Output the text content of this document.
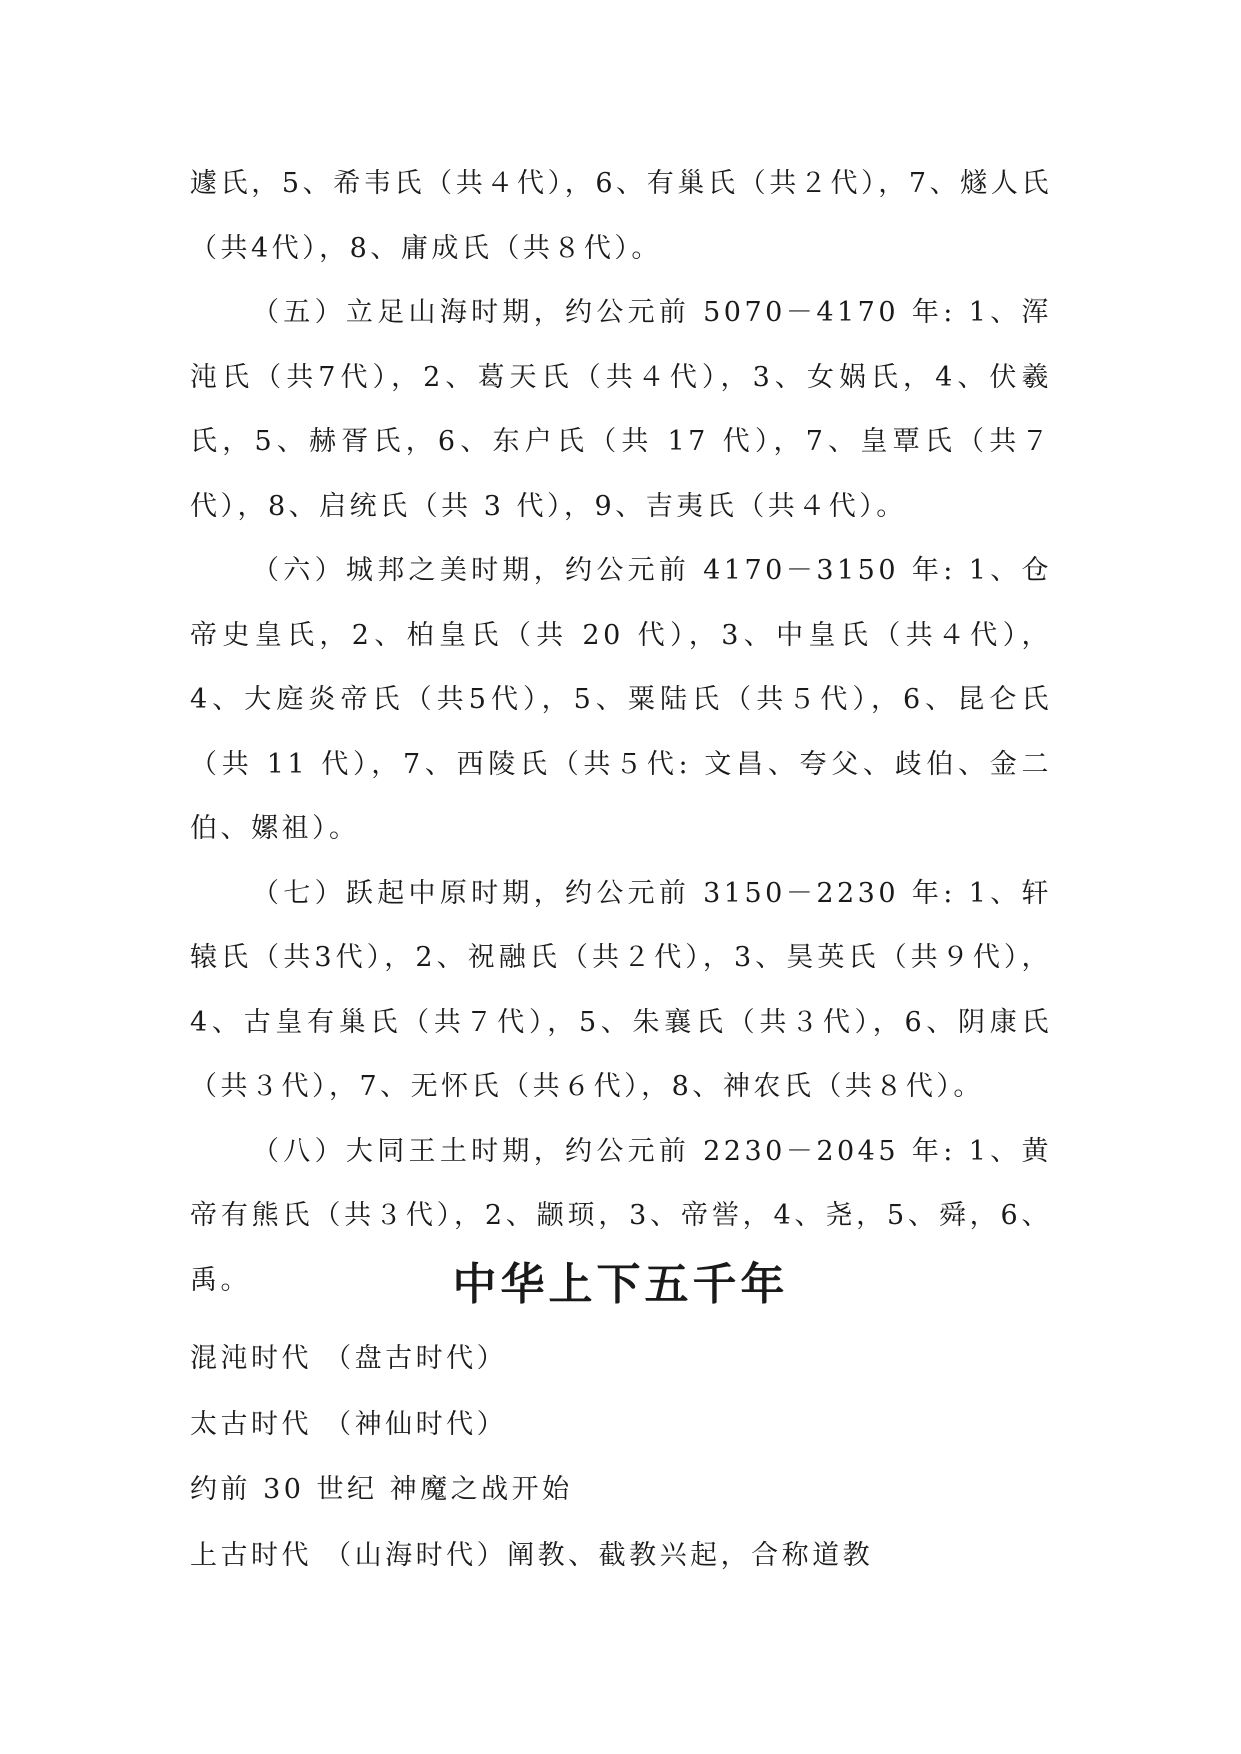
遽氏，5、希韦氏（共４代），6、有巢氏（共２代），7、燧人氏（共4代），8、庸成氏（共８代）。

（五）立足山海时期，约公元前 5070－4170 年: 1、浑沌氏（共7代），2、葛天氏（共４代），3、女娲氏，4、伏羲氏，5、赫胥氏，6、东户氏（共 17 代），7、皇覃氏（共７代），8、启统氏（共 3 代），9、吉夷氏（共４代）。

（六）城邦之美时期，约公元前 4170－3150 年: 1、仓帝史皇氏，2、柏皇氏（共 20 代），3、中皇氏（共４代），4、大庭炎帝氏（共5代），5、粟陆氏（共５代），6、昆仑氏（共 11 代），7、西陵氏（共５代: 文昌、夸父、歧伯、金二伯、嫘祖）。

（七）跃起中原时期，约公元前 3150－2230 年: 1、轩辕氏（共3代），2、祝融氏（共２代），3、昊英氏（共９代），4、古皇有巢氏（共７代），5、朱襄氏（共３代），6、阴康氏（共３代），7、无怀氏（共６代），8、神农氏（共８代）。

（八）大同王土时期，约公元前 2230－2045 年: 1、黄帝有熊氏（共３代），2、颛顼，3、帝喾，4、尧，5、舜，6、禹。	中华上下五千年

混沌时代 （盘古时代）

太古时代 （神仙时代）

约前 30 世纪 神魔之战开始

上古时代 （山海时代）阐教、截教兴起，合称道教
